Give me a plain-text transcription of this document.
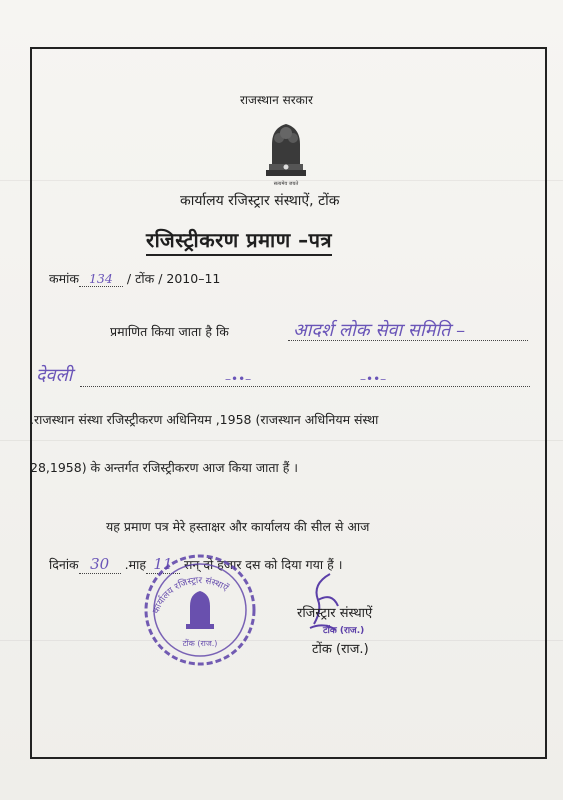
राजस्थान सरकार
सत्यमेव जयते
कार्यालय रजिस्ट्रार संस्थाऐं, टोंक
रजिस्ट्रीकरण प्रमाण –पत्र
कमांक 134 / टोंक / 2010–11
प्रमाणित किया जाता है कि	आदर्श लोक सेवा समिति –
देवली	–••–	–••–
.राजस्थान संस्था रजिस्ट्रीकरण अधिनियम ,1958 (राजस्थान अधिनियम संस्था
28,1958) के अन्तर्गत रजिस्ट्रीकरण आज किया जाता हैं ।
यह प्रमाण पत्र मेरे हस्ताक्षर और कार्यालय की सील से आज
दिनांक 30 .माह 11 सन् दो हजार दस को दिया गया हैं ।
कार्यालय रजिस्ट्रार संस्थाऐं
टोंक (राज.)
रजिस्ट्रार संस्थाऐं
टोंक (राज.)
टोंक (राज.)
